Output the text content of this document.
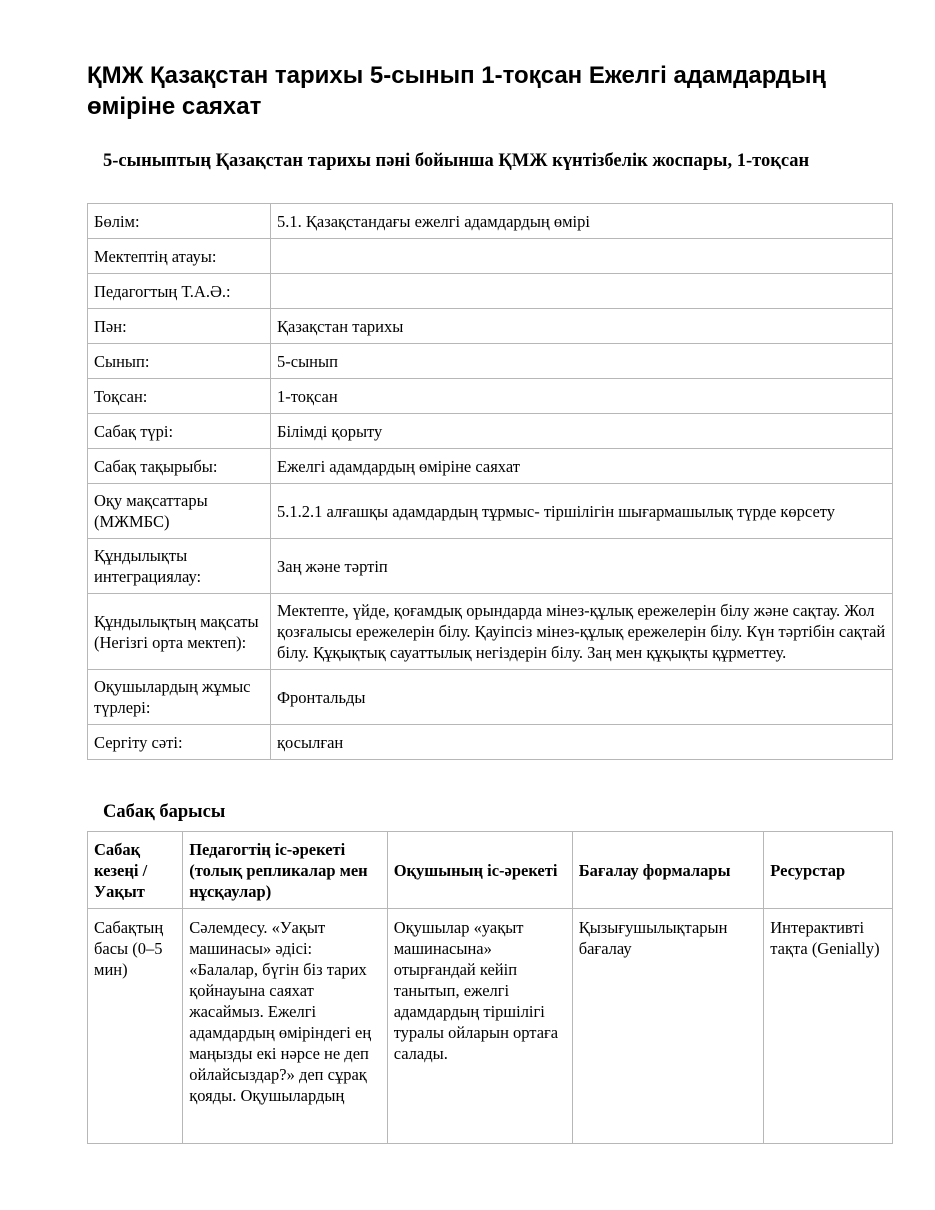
ҚМЖ Қазақстан тарихы 5-сынып 1-тоқсан Ежелгі адамдардың өміріне саяхат
5-сыныптың Қазақстан тарихы пәні бойынша ҚМЖ күнтізбелік жоспары, 1-тоқсан
Бөлім:	5.1. Қазақстандағы ежелгі адамдардың өмірі
Мектептің атауы:	
Педагогтың Т.А.Ә.:	
Пән:	Қазақстан тарихы
Сынып:	5-сынып
Тоқсан:	1-тоқсан
Сабақ түрі:	Білімді қорыту
Сабақ тақырыбы:	Ежелгі адамдардың өміріне саяхат
Оқу мақсаттары (МЖМБС)	5.1.2.1 алғашқы адамдардың тұрмыс- тіршілігін шығармашылық түрде көрсету
Құндылықты интеграциялау:	Заң және тәртіп
Құндылықтың мақсаты (Негізгі орта мектеп):	Мектепте, үйде, қоғамдық орындарда мінез-құлық ережелерін білу және сақтау. Жол қозғалысы ережелерін білу. Қауіпсіз мінез-құлық ережелерін білу. Күн тәртібін сақтай білу. Құқықтық сауаттылық негіздерін білу. Заң мен құқықты құрметтеу.
Оқушылардың жұмыс түрлері:	Фронтальды
Сергіту сәті:	қосылған
Сабақ барысы
Сабақ кезеңі / Уақыт	Педагогтің іс-әрекеті (толық репликалар мен нұсқаулар)	Оқушының іс-әрекеті	Бағалау формалары	Ресурстар
Сабақтың басы (0–5 мин)	Сәлемдесу. «Уақыт машинасы» әдісі: «Балалар, бүгін біз тарих қойнауына саяхат жасаймыз. Ежелгі адамдардың өміріндегі ең маңызды екі нәрсе не деп ойлайсыздар?» деп сұрақ қояды. Оқушылардың	Оқушылар «уақыт машинасына» отырғандай кейіп танытып, ежелгі адамдардың тіршілігі туралы ойларын ортаға салады.	Қызығушылықтарын бағалау	Интерактивті тақта (Genially)
